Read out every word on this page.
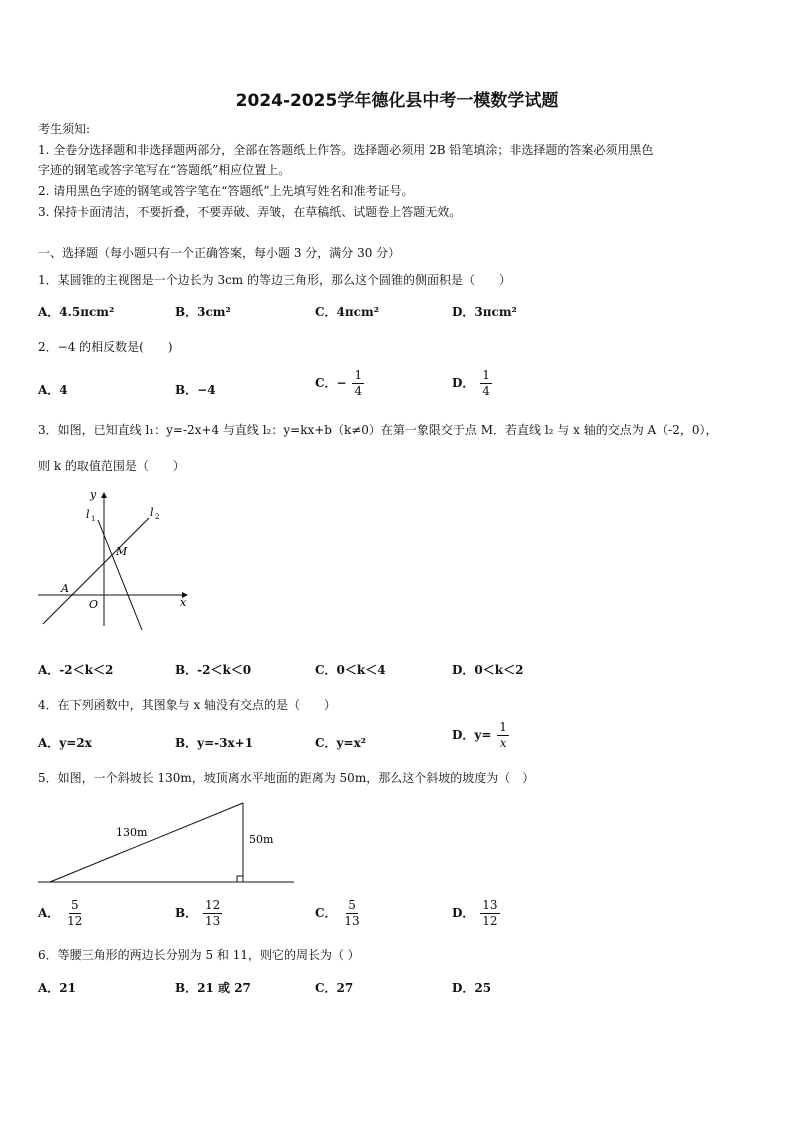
2024-2025学年德化县中考一模数学试题
考生须知:
1. 全卷分选择题和非选择题两部分，全部在答题纸上作答。选择题必须用 2B 铅笔填涂；非选择题的答案必须用黑色
字迹的钢笔或答字笔写在“答题纸”相应位置上。
2. 请用黑色字迹的钢笔或答字笔在“答题纸”上先填写姓名和准考证号。
3. 保持卡面清洁，不要折叠，不要弄破、弄皱，在草稿纸、试题卷上答题无效。
一、选择题（每小题只有一个正确答案，每小题 3 分，满分 30 分）
1．某圆锥的主视图是一个边长为 3cm 的等边三角形，那么这个圆锥的侧面积是（　　）
A．4.5πcm²	B．3cm²	C．4πcm²	D．3πcm²
2．−4 的相反数是(　　)
A．4	B．−4	C．− $\frac{1}{4}$	D． $\frac{1}{4}$
3．如图，已知直线 l₁：y=-2x+4 与直线 l₂：y=kx+b（k≠0）在第一象限交于点 M．若直线 l₂ 与 x 轴的交点为 A（-2，0），
则 k 的取值范围是（　　）
y
x
l 1	l 2
M
A
O
A．-2＜k＜2	B．-2＜k＜0	C．0＜k＜4	D．0＜k＜2
4．在下列函数中，其图象与 x 轴没有交点的是（　　）
A．y=2x	B．y=-3x+1	C．y=x²
D．$y= \frac{1}{x}$
5．如图，一个斜坡长 130m，坡顶离水平地面的距离为 50m，那么这个斜坡的坡度为（　）
130m
50m
A． $\frac{5}{12}$	B． $\frac{12}{13}$	C． $\frac{5}{13}$	D． $\frac{13}{12}$
6．等腰三角形的两边长分别为 5 和 11，则它的周长为（ ）
A．21	B．21 或 27	C．27	D．25
